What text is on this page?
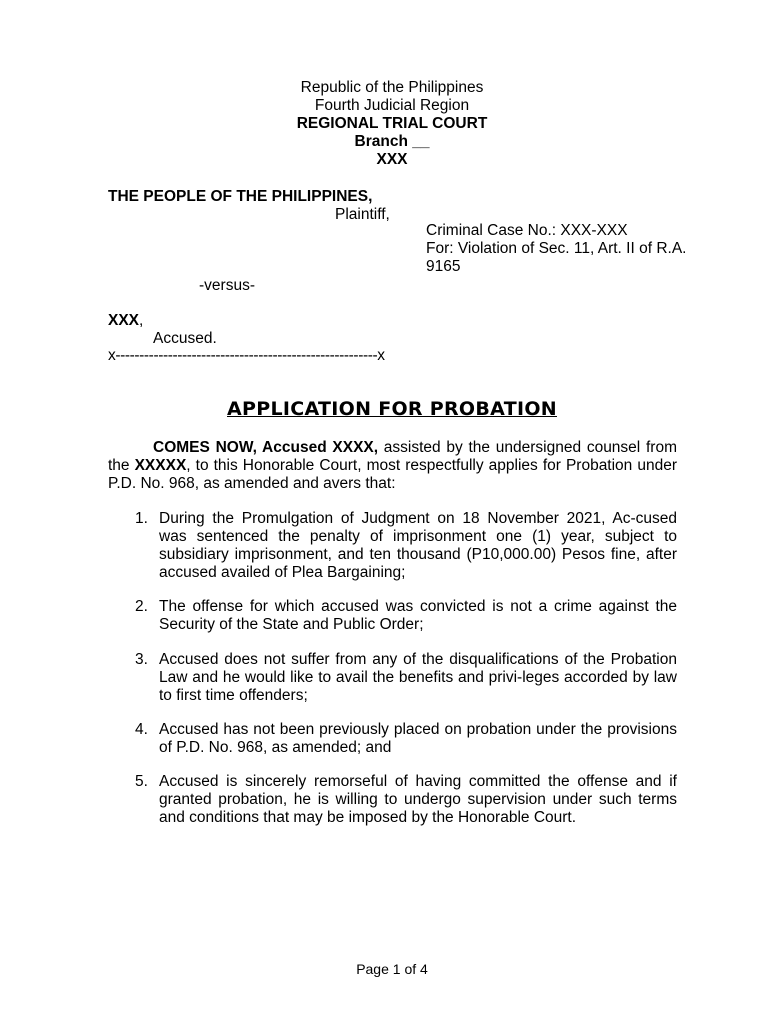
Republic of the Philippines
Fourth Judicial Region
REGIONAL TRIAL COURT
Branch __
XXX
THE PEOPLE OF THE PHILIPPINES,
Plaintiff,
Criminal Case No.: XXX-XXX
For: Violation of Sec. 11, Art. II of R.A.
9165
-versus-
XXX,
Accused.
x-------------------------------------------------------x
APPLICATION FOR PROBATION
COMES NOW, Accused XXXX, assisted by the undersigned counsel from the XXXXX, to this Honorable Court, most respectfully applies for Probation under P.D. No. 968, as amended and avers that:
1. During the Promulgation of Judgment on 18 November 2021, Ac-cused was sentenced the penalty of imprisonment one (1) year, subject to subsidiary imprisonment, and ten thousand (P10,000.00) Pesos fine, after accused availed of Plea Bargaining;
2. The offense for which accused was convicted is not a crime against the Security of the State and Public Order;
3. Accused does not suffer from any of the disqualifications of the Probation Law and he would like to avail the benefits and privi-leges accorded by law to first time offenders;
4. Accused has not been previously placed on probation under the provisions of P.D. No. 968, as amended; and
5. Accused is sincerely remorseful of having committed the offense and if granted probation, he is willing to undergo supervision under such terms and conditions that may be imposed by the Honorable Court.
Page 1 of 4
